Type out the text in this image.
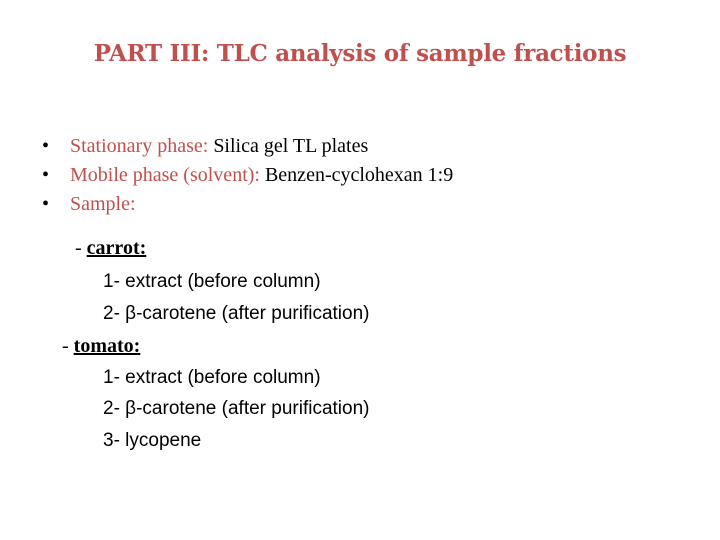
PART III: TLC analysis of sample fractions
• Stationary phase: Silica gel TL plates
• Mobile phase (solvent): Benzen-cyclohexan 1:9
• Sample:
- carrot:
1- extract (before column)
2- β-carotene (after purification)
- tomato:
1- extract (before column)
2- β-carotene (after purification)
3- lycopene
